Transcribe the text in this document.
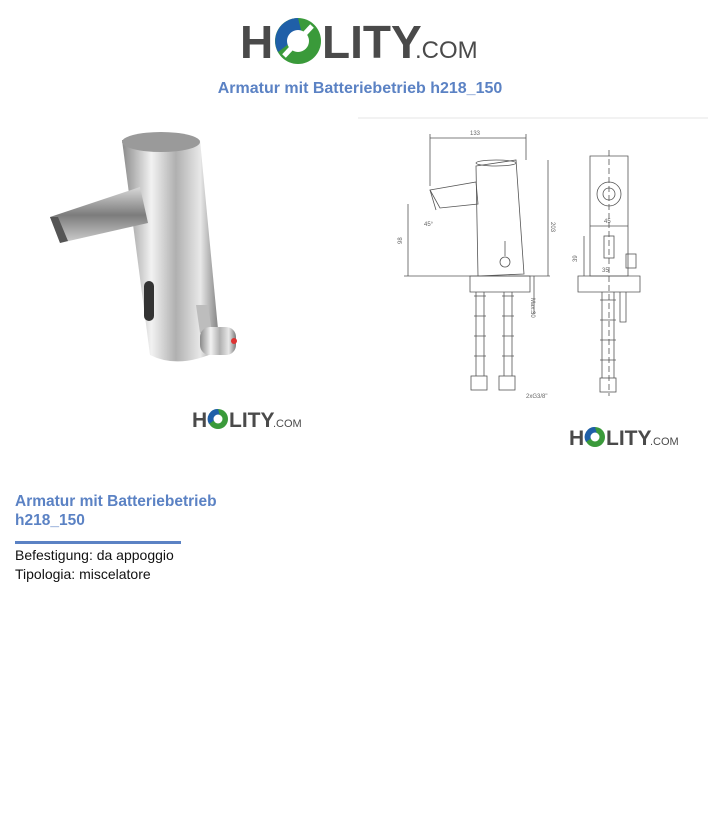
H LITY
.COM
Armatur mit Batteriebetrieb h218_150
H LITY
.COM
133
203
98
45°
Max.30
2xG3/8"
45
39
35
H LITY
.COM
Armatur mit Batteriebetrieb
h218_150
Befestigung: da appoggio
Tipologia: miscelatore
